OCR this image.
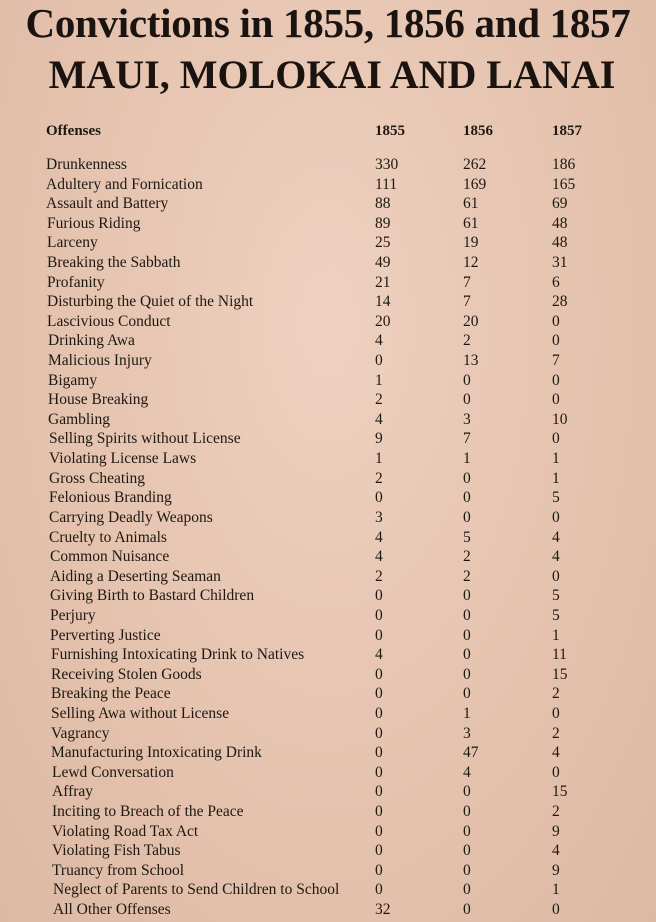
Convictions in 1855, 1856 and 1857
MAUI, MOLOKAI AND LANAI
Offenses	1855	1856	1857
Drunkenness	330	262	186
Adultery and Fornication	111	169	165
Assault and Battery	88	61	69
Furious Riding	89	61	48
Larceny	25	19	48
Breaking the Sabbath	49	12	31
Profanity	21	7	6
Disturbing the Quiet of the Night	14	7	28
Lascivious Conduct	20	20	0
Drinking Awa	4	2	0
Malicious Injury	0	13	7
Bigamy	1	0	0
House Breaking	2	0	0
Gambling	4	3	10
Selling Spirits without License	9	7	0
Violating License Laws	1	1	1
Gross Cheating	2	0	1
Felonious Branding	0	0	5
Carrying Deadly Weapons	3	0	0
Cruelty to Animals	4	5	4
Common Nuisance	4	2	4
Aiding a Deserting Seaman	2	2	0
Giving Birth to Bastard Children	0	0	5
Perjury	0	0	5
Perverting Justice	0	0	1
Furnishing Intoxicating Drink to Natives	4	0	11
Receiving Stolen Goods	0	0	15
Breaking the Peace	0	0	2
Selling Awa without License	0	1	0
Vagrancy	0	3	2
Manufacturing Intoxicating Drink	0	47	4
Lewd Conversation	0	4	0
Affray	0	0	15
Inciting to Breach of the Peace	0	0	2
Violating Road Tax Act	0	0	9
Violating Fish Tabus	0	0	4
Truancy from School	0	0	9
Neglect of Parents to Send Children to School 0	0	1
All Other Offenses	32	0	0
